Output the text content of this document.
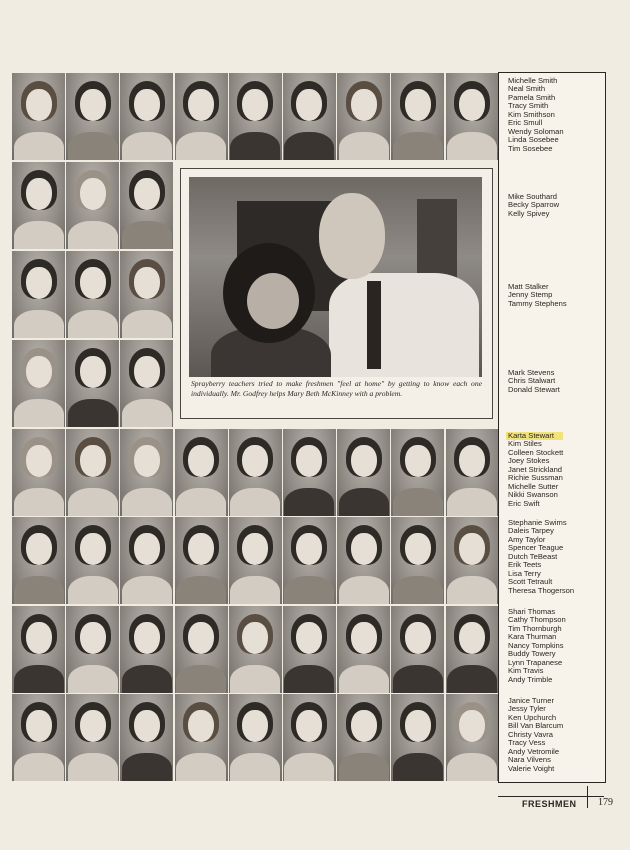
Sprayberry teachers tried to make freshmen "feel at home" by getting to know each one individually. Mr. Godfrey helps Mary Beth McKinney with a problem.
Michelle Smith
Neal Smith
Pamela Smith
Tracy Smith
Kim Smithson
Eric Smull
Wendy Soloman
Linda Sosebee
Tim Sosebee
Mike Southard
Becky Sparrow
Kelly Spivey
Matt Stalker
Jenny Stemp
Tammy Stephens
Mark Stevens
Chris Stalwart
Donald Stewart
Karta Stewart
Kim Stiles
Colleen Stockett
Joey Stokes
Janet Strickland
Richie Sussman
Michelle Sutter
Nikki Swanson
Eric Swift
Stephanie Swims
Daleis Tarpey
Amy Taylor
Spencer Teague
Dutch TeBeast
Erik Teets
Lisa Terry
Scott Tetrault
Theresa Thogerson
Shari Thomas
Cathy Thompson
Tim Thornburgh
Kara Thurman
Nancy Tompkins
Buddy Towery
Lynn Trapanese
Kim Travis
Andy Trimble
Janice Turner
Jessy Tyler
Ken Upchurch
Bill Van Blarcum
Christy Vavra
Tracy Vess
Andy Vetromile
Nara Vilvens
Valerie Voight
FRESHMEN 179
